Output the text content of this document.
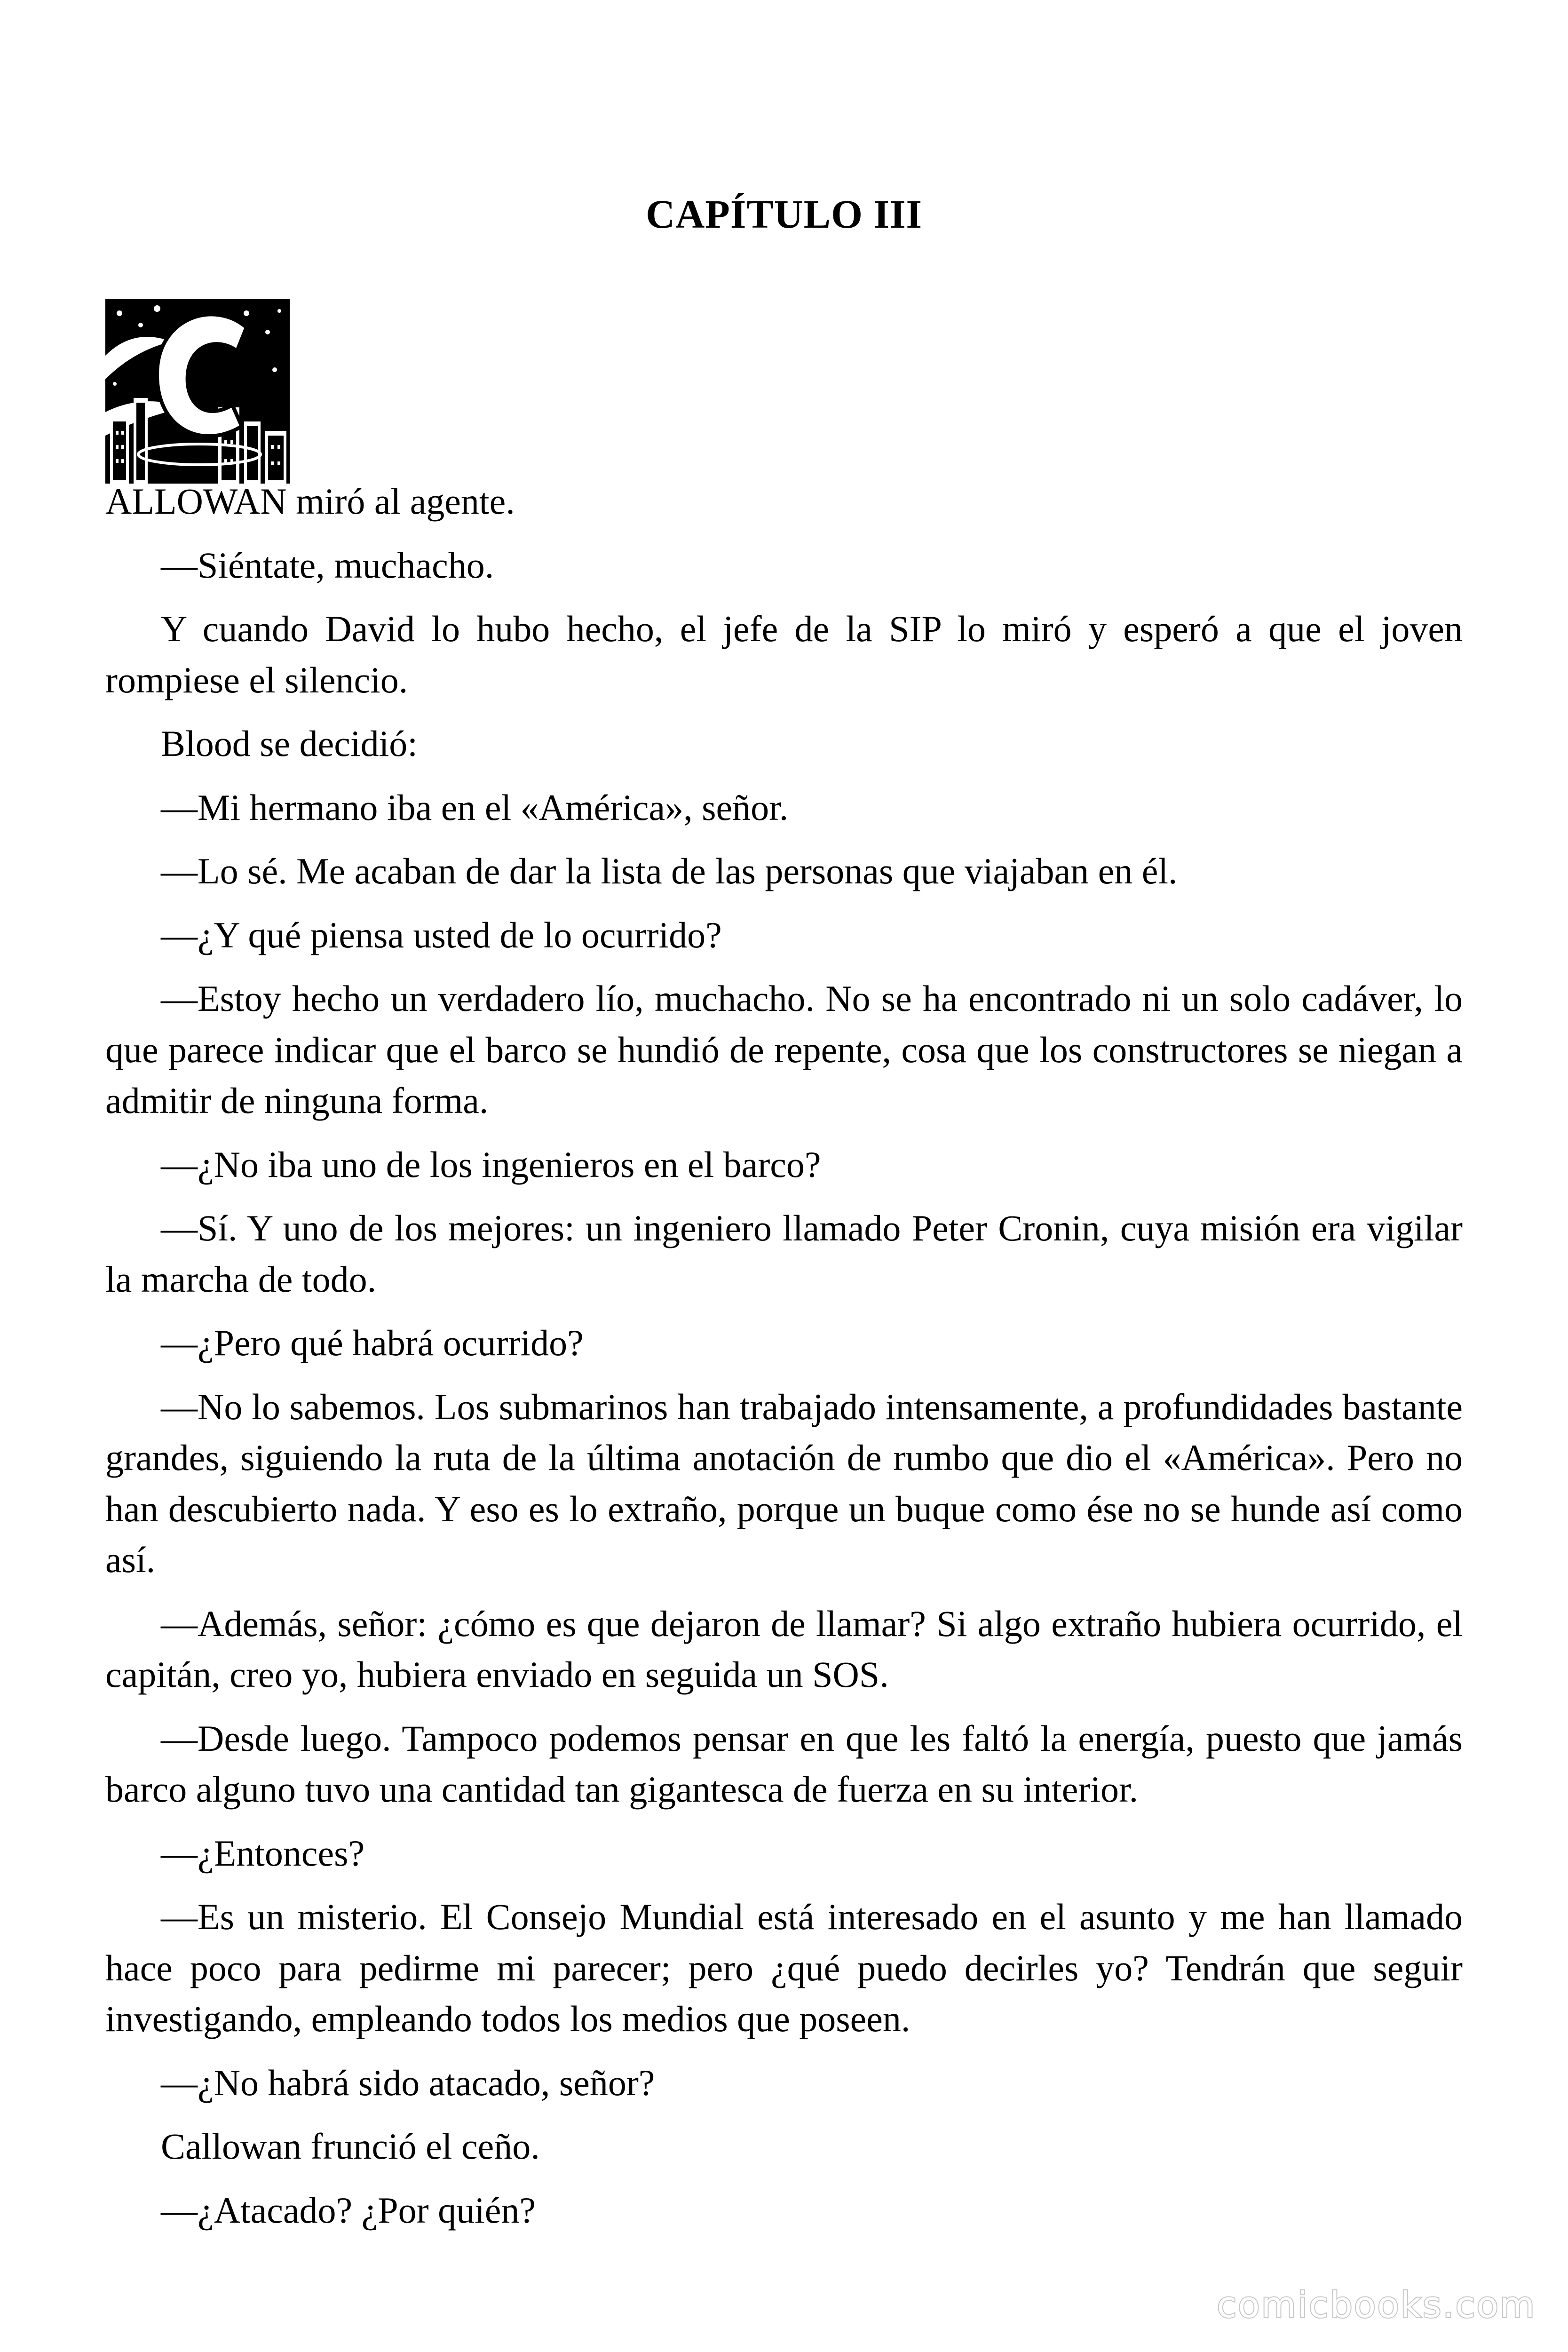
CAPÍTULO III

ALLOWAN miró al agente.

—Siéntate, muchacho.

Y cuando David lo hubo hecho, el jefe de la SIP lo miró y esperó a que el joven rompiese el silencio.

Blood se decidió:

—Mi hermano iba en el «América», señor.

—Lo sé. Me acaban de dar la lista de las personas que viajaban en él.

—¿Y qué piensa usted de lo ocurrido?

—Estoy hecho un verdadero lío, muchacho. No se ha encontrado ni un solo cadáver, lo que parece indicar que el barco se hundió de repente, cosa que los constructores se niegan a admitir de ninguna forma.

—¿No iba uno de los ingenieros en el barco?

—Sí. Y uno de los mejores: un ingeniero llamado Peter Cronin, cuya misión era vigilar la marcha de todo.

—¿Pero qué habrá ocurrido?

—No lo sabemos. Los submarinos han trabajado intensamente, a profundidades bastante grandes, siguiendo la ruta de la última anotación de rumbo que dio el «América». Pero no han descubierto nada. Y eso es lo extraño, porque un buque como ése no se hunde así como así.

—Además, señor: ¿cómo es que dejaron de llamar? Si algo extraño hubiera ocurrido, el capitán, creo yo, hubiera enviado en seguida un SOS.

—Desde luego. Tampoco podemos pensar en que les faltó la energía, puesto que jamás barco alguno tuvo una cantidad tan gigantesca de fuerza en su interior.

—¿Entonces?

—Es un misterio. El Consejo Mundial está interesado en el asunto y me han llamado hace poco para pedirme mi parecer; pero ¿qué puedo decirles yo? Tendrán que seguir investigando, empleando todos los medios que poseen.

—¿No habrá sido atacado, señor?

Callowan frunció el ceño.

—¿Atacado? ¿Por quién?

comicbooks.com
